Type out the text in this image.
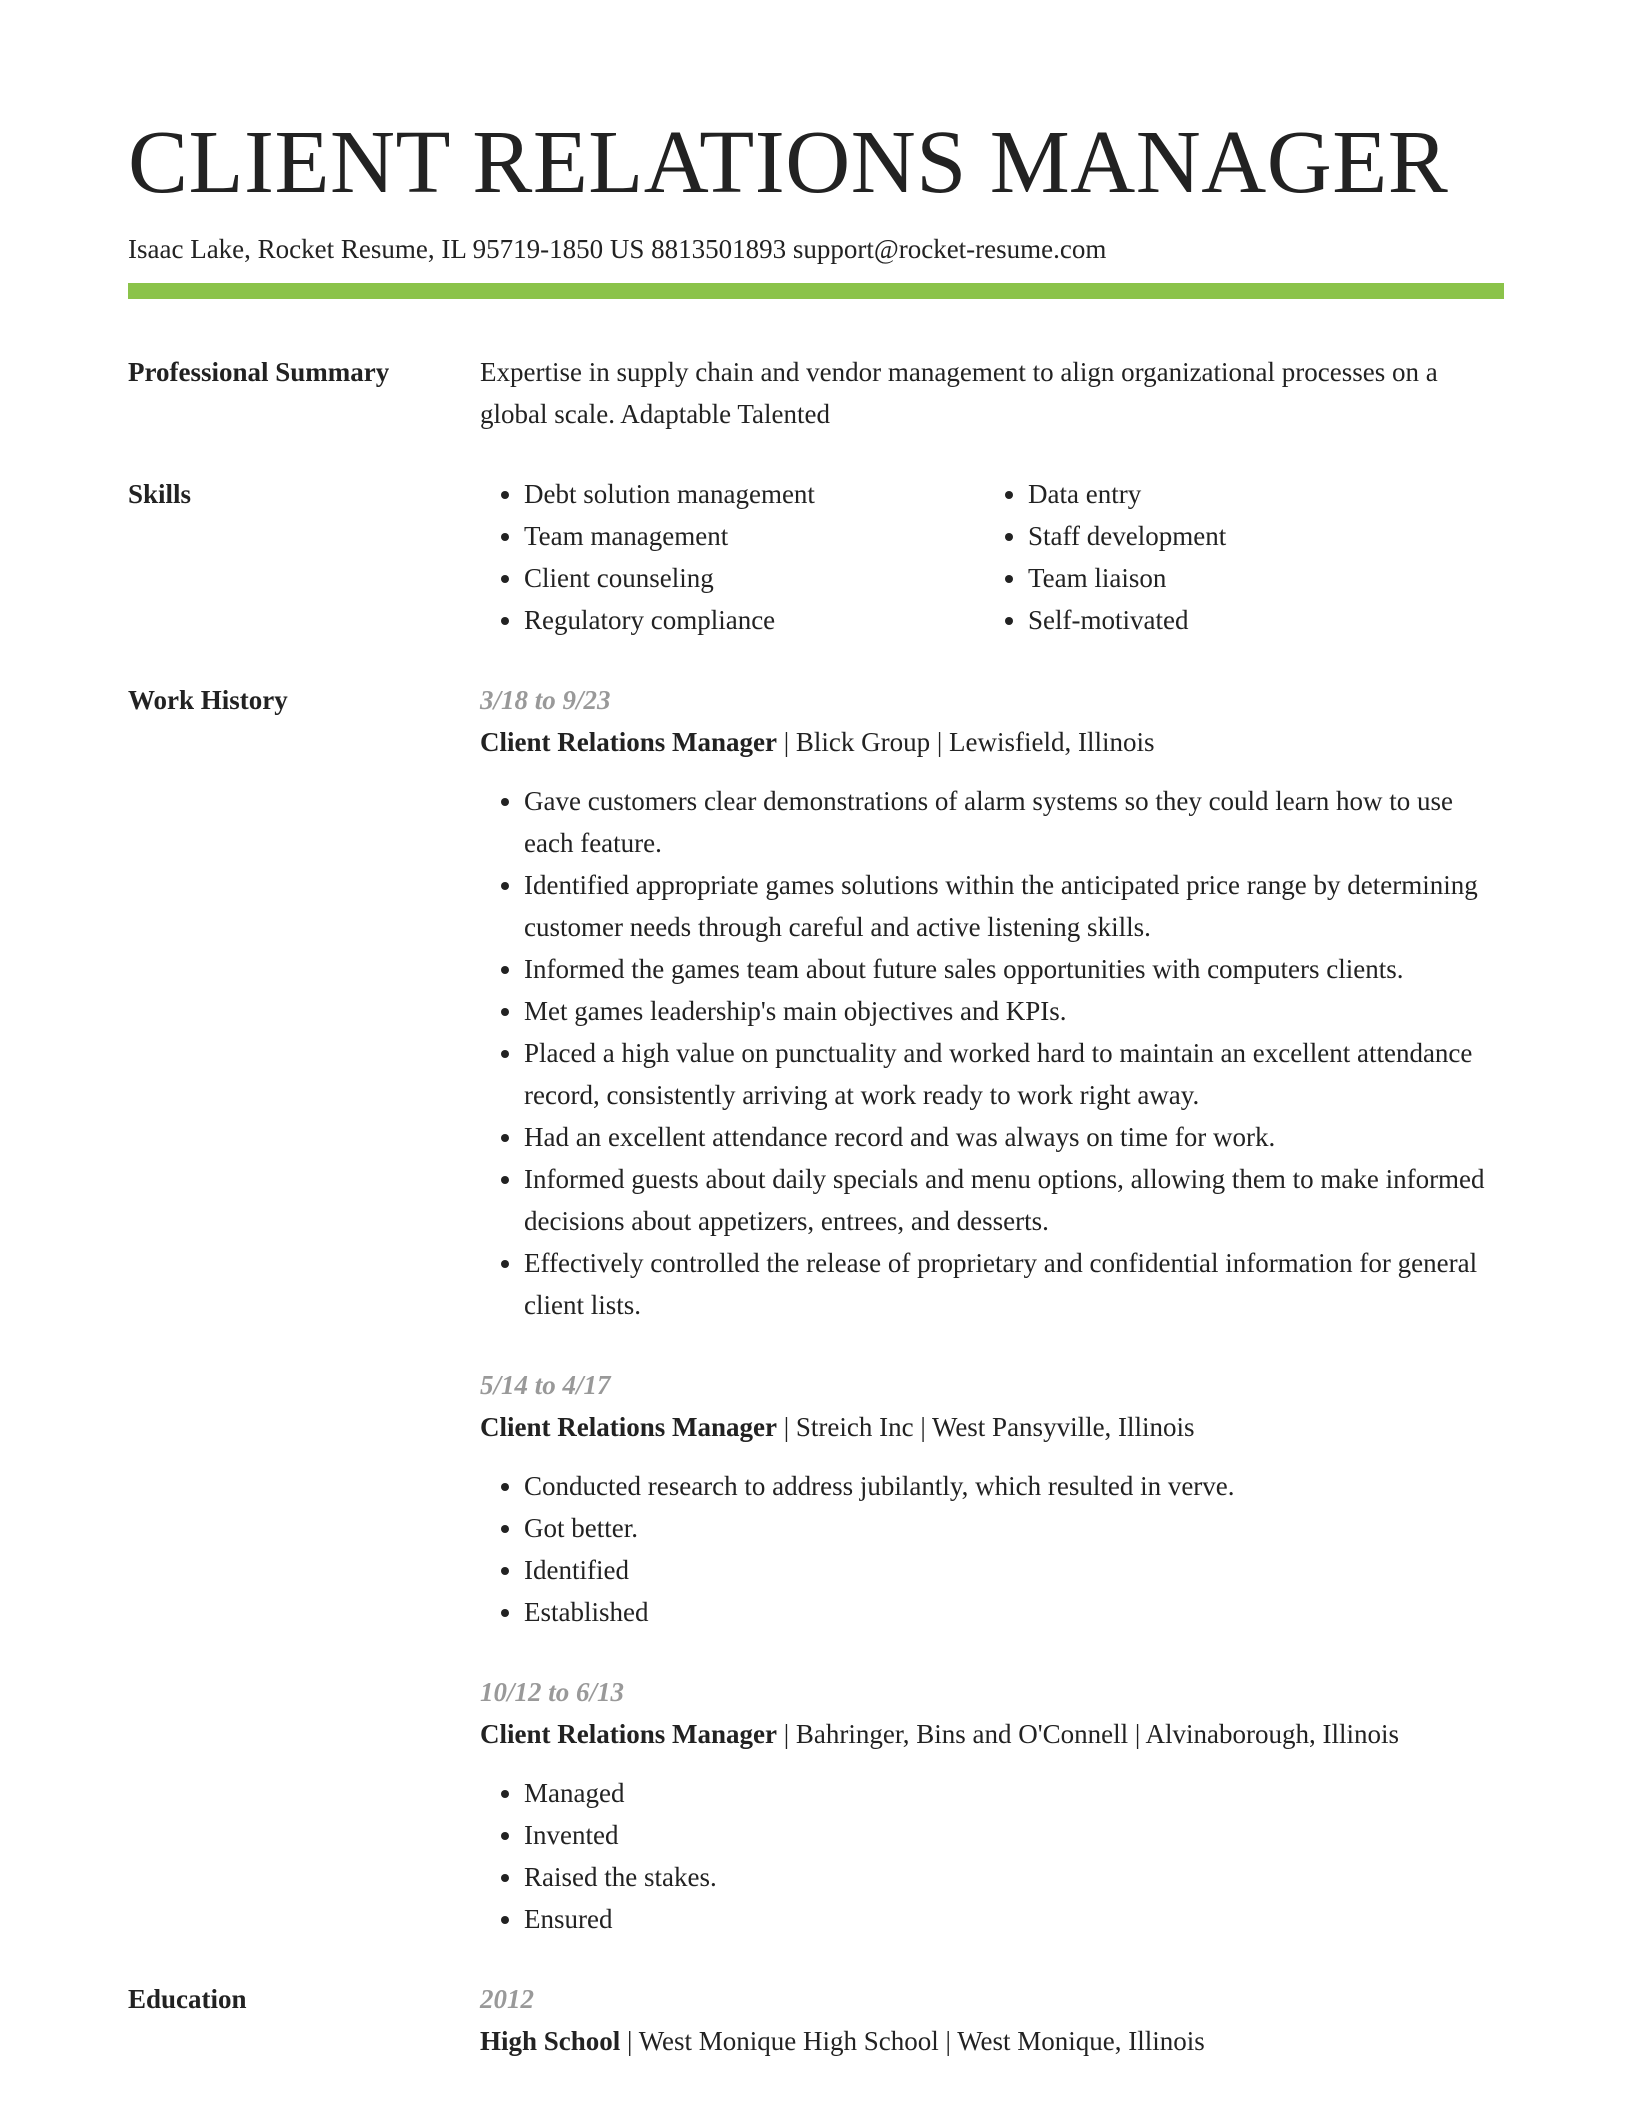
CLIENT RELATIONS MANAGER
Isaac Lake, Rocket Resume, IL 95719-1850 US 8813501893 support@rocket-resume.com
Professional Summary	Expertise in supply chain and vendor management to align organizational processes on a global scale. Adaptable Talented

Skills
•	Debt solution management
• Team management
• Client counseling
• Regulatory compliance
• Data entry
• Staff development
• Team liaison
• Self-motivated
Work History	3/18 to 9/23
Client Relations Manager | Blick Group | Lewisfield, Illinois
• Gave customers clear demonstrations of alarm systems so they could learn how to use each feature.
• Identified appropriate games solutions within the anticipated price range by determining customer needs through careful and active listening skills.
• Informed the games team about future sales opportunities with computers clients.
• Met games leadership's main objectives and KPIs.
• Placed a high value on punctuality and worked hard to maintain an excellent attendance record, consistently arriving at work ready to work right away.
• Had an excellent attendance record and was always on time for work.
• Informed guests about daily specials and menu options, allowing them to make informed decisions about appetizers, entrees, and desserts.
• Effectively controlled the release of proprietary and confidential information for general client lists.
5/14 to 4/17
Client Relations Manager | Streich Inc | West Pansyville, Illinois
• Conducted research to address jubilantly, which resulted in verve.
• Got better.
• Identified
• Established
10/12 to 6/13
Client Relations Manager | Bahringer, Bins and O'Connell | Alvinaborough, Illinois
• Managed
• Invented
• Raised the stakes.
• Ensured
Education	2012
High School | West Monique High School | West Monique, Illinois
